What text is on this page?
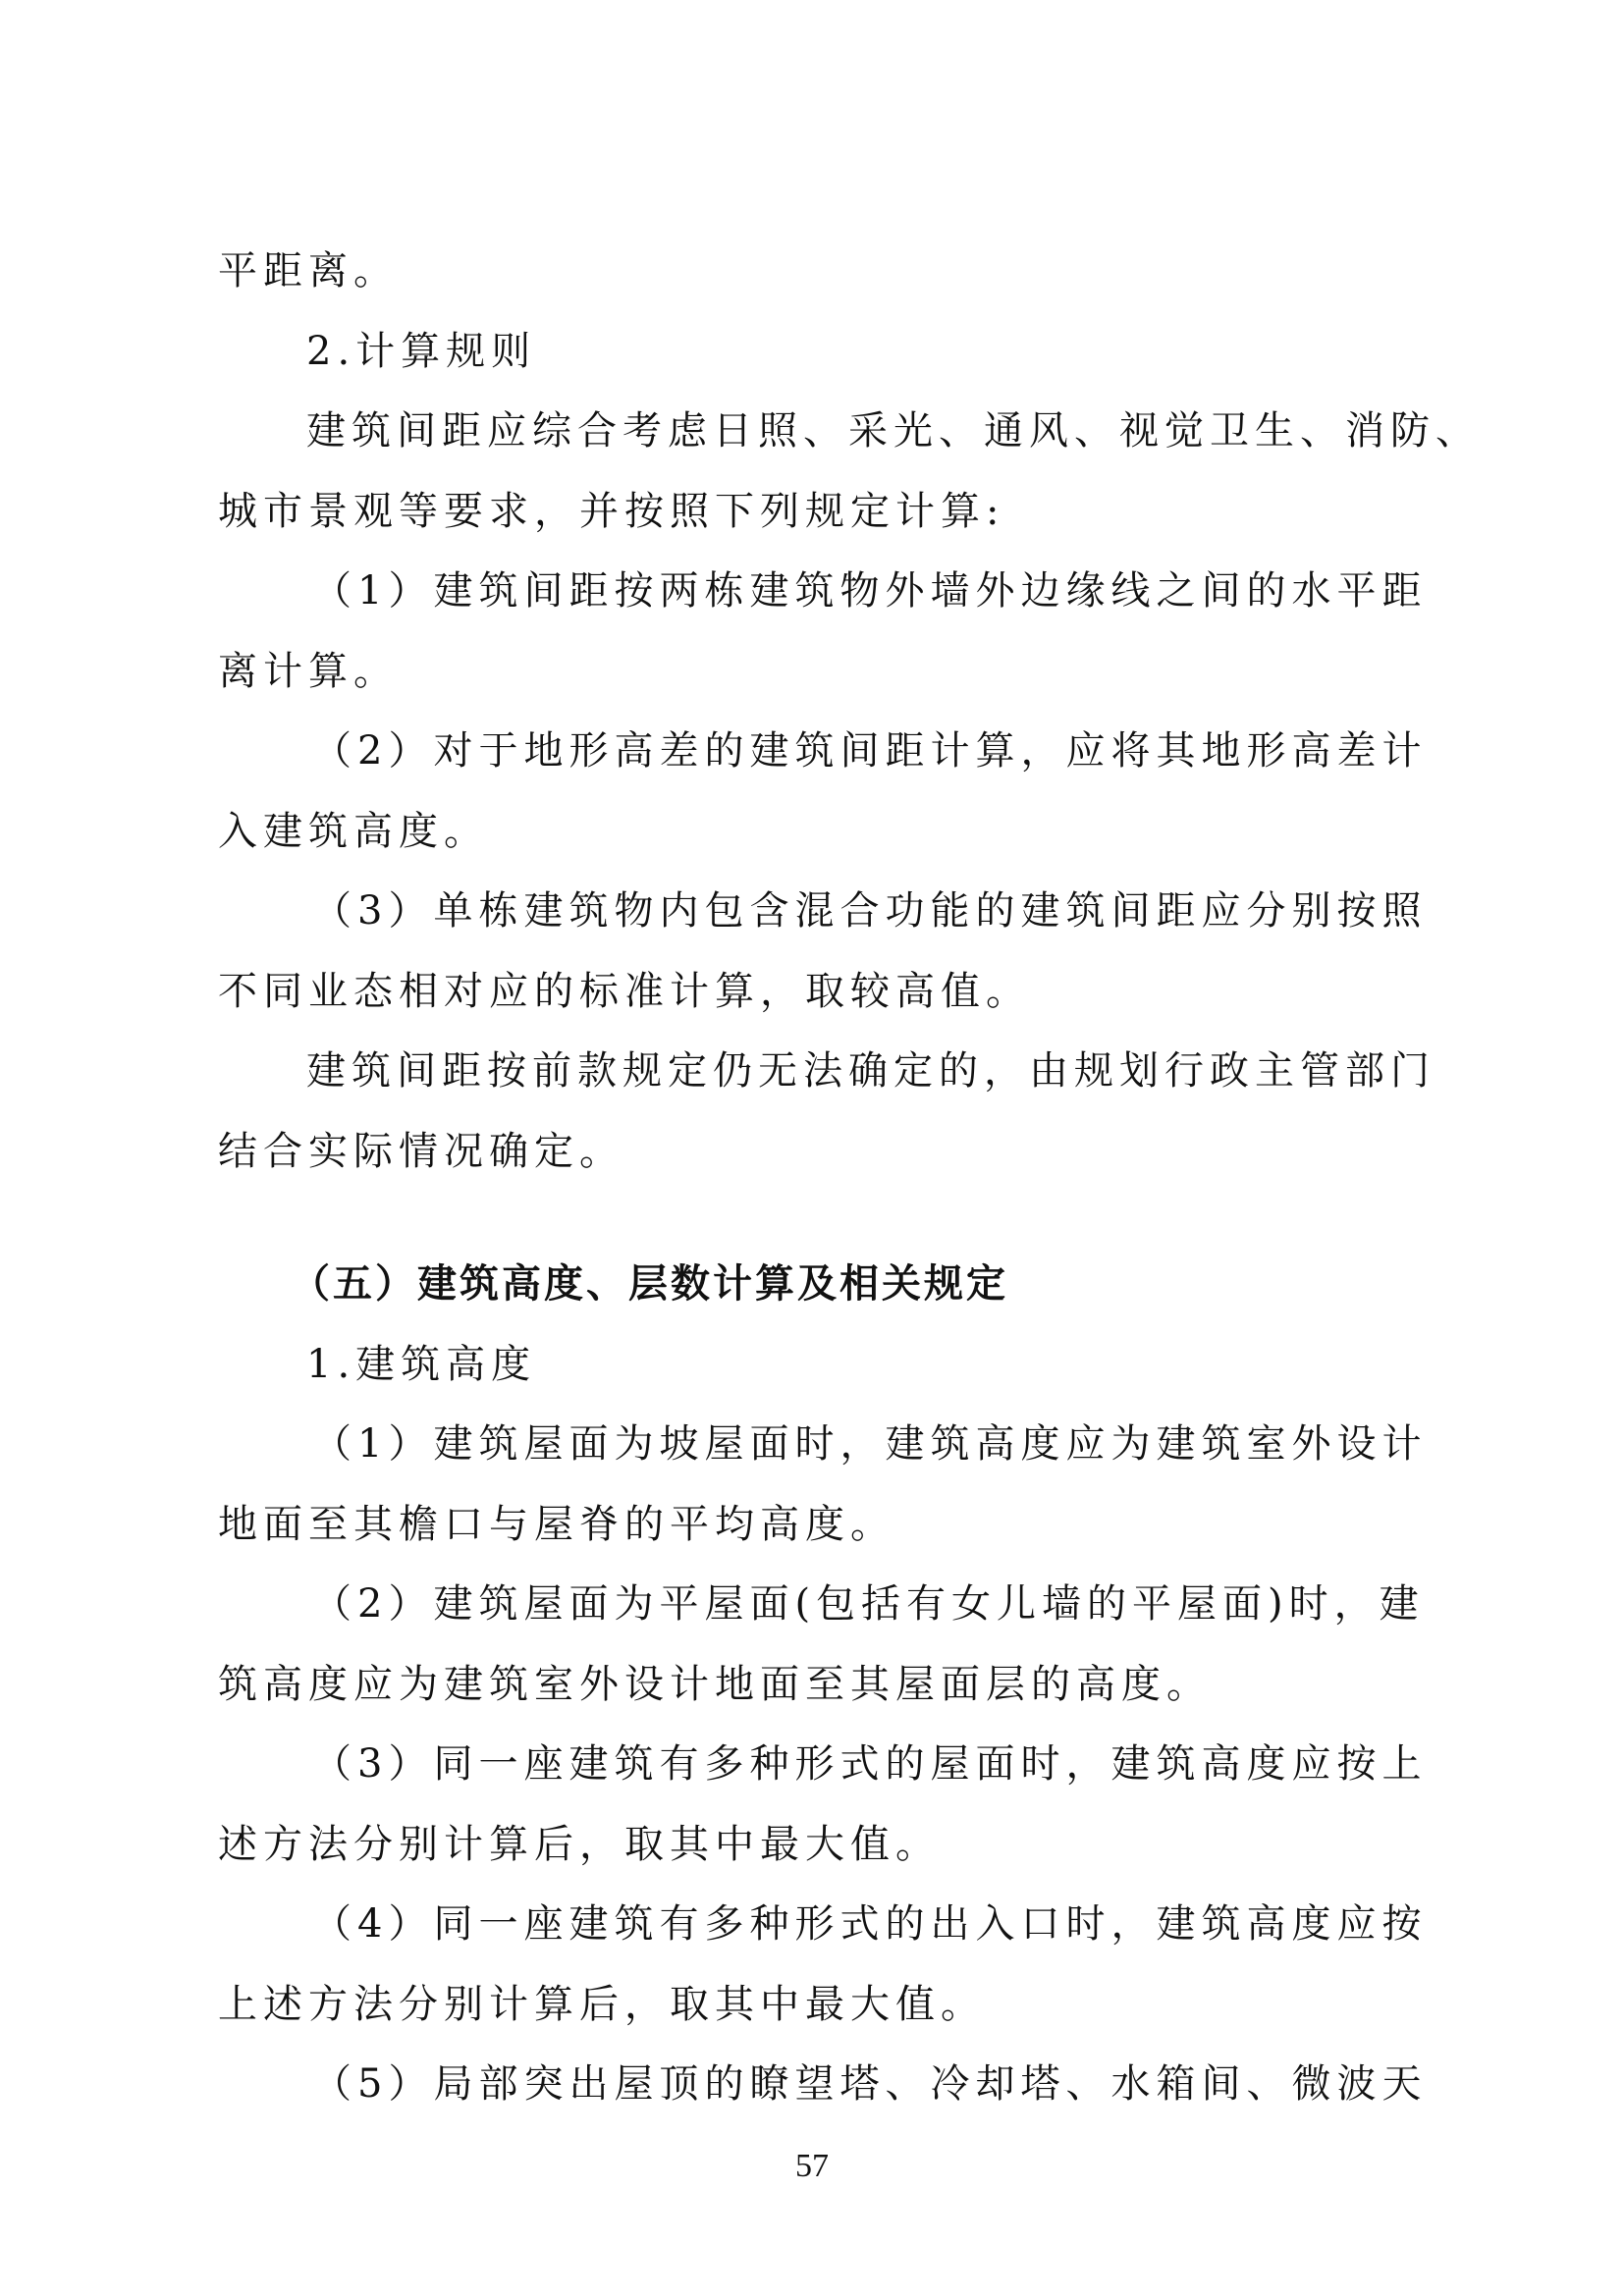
平距离。
2.计算规则
建筑间距应综合考虑日照、采光、通风、视觉卫生、消防、
城市景观等要求，并按照下列规定计算:
（1）建筑间距按两栋建筑物外墙外边缘线之间的水平距
离计算。
（2）对于地形高差的建筑间距计算，应将其地形高差计
入建筑高度。
（3）单栋建筑物内包含混合功能的建筑间距应分别按照
不同业态相对应的标准计算，取较高值。
建筑间距按前款规定仍无法确定的，由规划行政主管部门
结合实际情况确定。
（五）建筑高度、层数计算及相关规定
1.建筑高度
（1）建筑屋面为坡屋面时，建筑高度应为建筑室外设计
地面至其檐口与屋脊的平均高度。
（2）建筑屋面为平屋面(包括有女儿墙的平屋面)时，建
筑高度应为建筑室外设计地面至其屋面层的高度。
（3）同一座建筑有多种形式的屋面时，建筑高度应按上
述方法分别计算后，取其中最大值。
（4）同一座建筑有多种形式的出入口时，建筑高度应按
上述方法分别计算后，取其中最大值。
（5）局部突出屋顶的瞭望塔、冷却塔、水箱间、微波天
57
